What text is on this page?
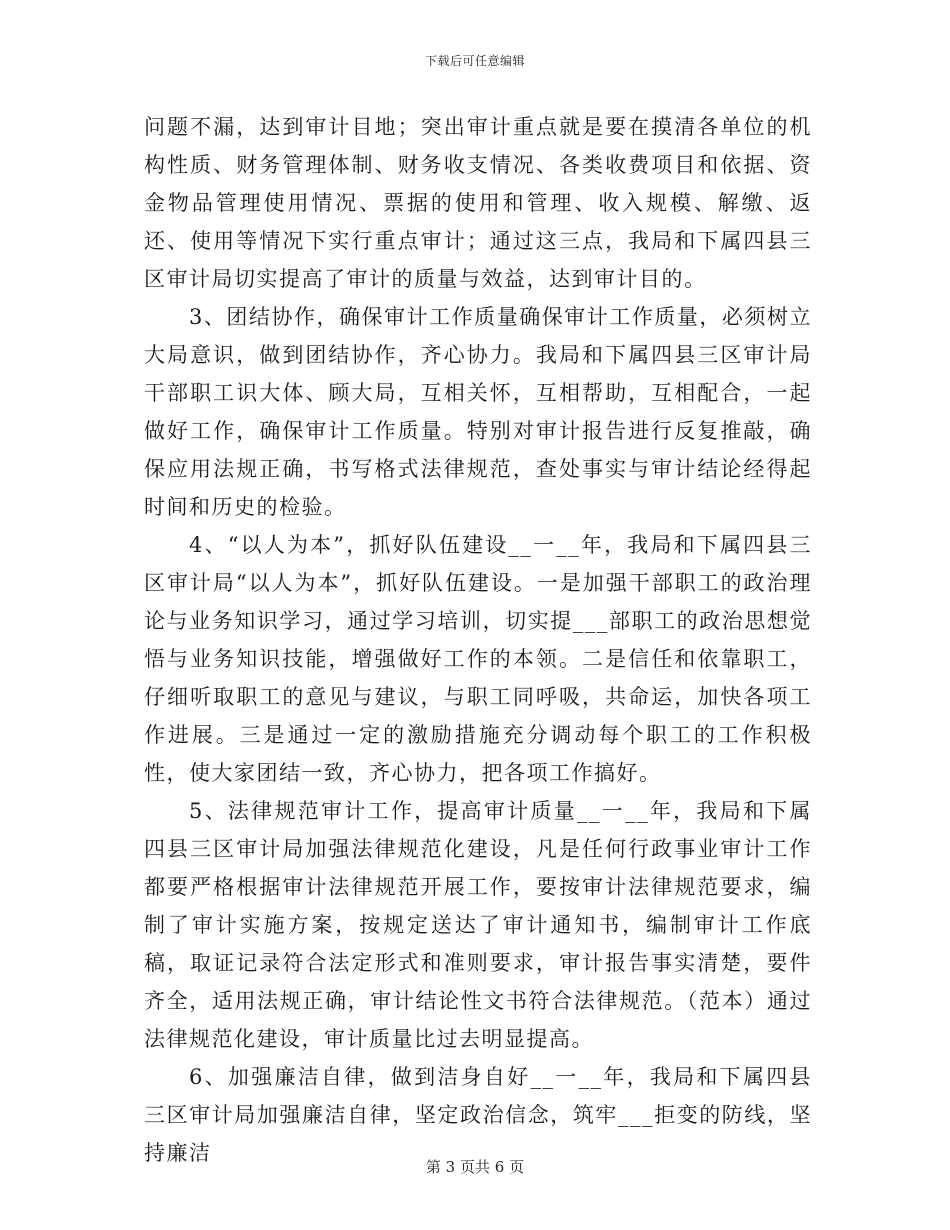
下载后可任意编辑

问题不漏，达到审计目地；突出审计重点就是要在摸清各单位的机构性质、财务管理体制、财务收支情况、各类收费项目和依据、资金物品管理使用情况、票据的使用和管理、收入规模、解缴、返还、使用等情况下实行重点审计；通过这三点，我局和下属四县三区审计局切实提高了审计的质量与效益，达到审计目的。

3、团结协作，确保审计工作质量确保审计工作质量，必须树立大局意识，做到团结协作，齐心协力。我局和下属四县三区审计局干部职工识大体、顾大局，互相关怀，互相帮助，互相配合，一起做好工作，确保审计工作质量。特别对审计报告进行反复推敲，确保应用法规正确，书写格式法律规范，查处事实与审计结论经得起时间和历史的检验。

4、“以人为本”，抓好队伍建设__一__年，我局和下属四县三区审计局“以人为本”，抓好队伍建设。一是加强干部职工的政治理论与业务知识学习，通过学习培训，切实提___部职工的政治思想觉悟与业务知识技能，增强做好工作的本领。二是信任和依靠职工，仔细听取职工的意见与建议，与职工同呼吸，共命运，加快各项工作进展。三是通过一定的激励措施充分调动每个职工的工作积极性，使大家团结一致，齐心协力，把各项工作搞好。

5、法律规范审计工作，提高审计质量__一__年，我局和下属四县三区审计局加强法律规范化建设，凡是任何行政事业审计工作都要严格根据审计法律规范开展工作，要按审计法律规范要求，编制了审计实施方案，按规定送达了审计通知书，编制审计工作底稿，取证记录符合法定形式和准则要求，审计报告事实清楚，要件齐全，适用法规正确，审计结论性文书符合法律规范。（范本）通过法律规范化建设，审计质量比过去明显提高。

6、加强廉洁自律，做到洁身自好__一__年，我局和下属四县三区审计局加强廉洁自律，坚定政治信念，筑牢___拒变的防线，坚持廉洁

第 3 页共 6 页
